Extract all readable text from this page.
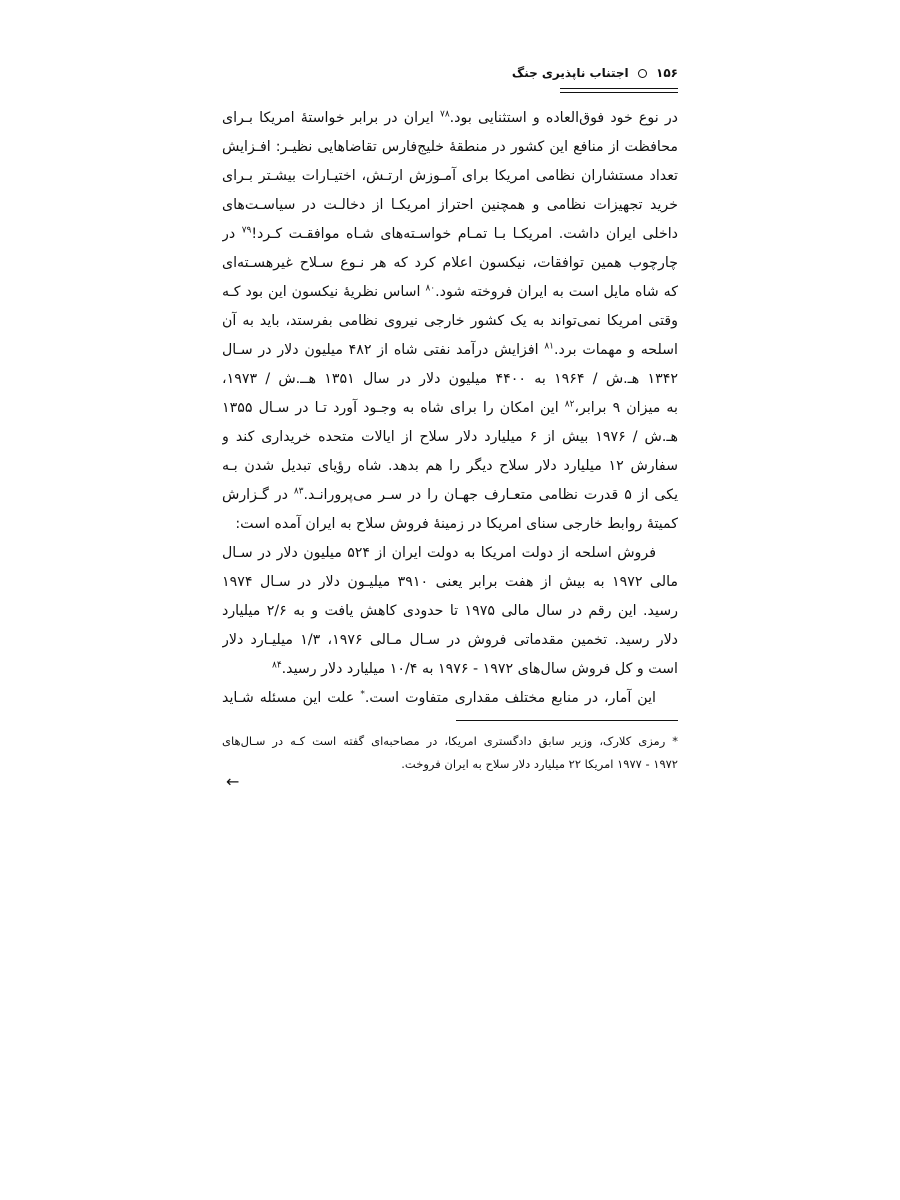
۱۵۶  اجتناب ناپذیری جنگ
در نوع خود فوق‌العاده و استثنایی بود.$^{۷۸}$ ایران در برابر خواستهٔ امریکا بـرای
محافظت از منافع این کشور در منطقهٔ خلیج‌فارس تقاضاهایی نظیـر: افـزایش
تعداد مستشاران نظامی امریکا برای آمـوزش ارتـش، اختیـارات بیشـتر بـرای
خرید تجهیزات نظامی و همچنین احتراز امریکـا از دخالـت در سیاسـت‌های
داخلی ایران داشت. امریکـا بـا تمـام خواسـته‌های شـاه موافقـت کـرد!$^{۷۹}$ در
چارچوب همین توافقات، نیکسون اعلام کرد که هر نـوع سـلاح غیرهسـته‌ای
که شاه مایل است به ایران فروخته شود.$^{۸۰}$ اساس نظریهٔ نیکسون این بود کـه
وقتی امریکا نمی‌تواند به یک کشور خارجی نیروی نظامی بفرستد، باید به آن
اسلحه و مهمات برد.$^{۸۱}$ افزایش درآمد نفتی شاه از ۴۸۲ میلیون دلار در سـال
۱۳۴۲ هـ.ش / ۱۹۶۴ به ۴۴۰۰ میلیون دلار در سال ۱۳۵۱ هــ.ش / ۱۹۷۳،
به میزان ۹ برابر،$^{۸۲}$ این امکان را برای شاه به وجـود آورد تـا در سـال ۱۳۵۵
هـ.ش / ۱۹۷۶ بیش از ۶ میلیارد دلار سلاح از ایالات متحده خریداری کند و
سفارش ۱۲ میلیارد دلار سلاح دیگر را هم بدهد. شاه رؤیای تبدیل شدن بـه
یکی از ۵ قدرت نظامی متعـارف جهـان را در سـر می‌پرورانـد.$^{۸۳}$ در گـزارش
کمیتهٔ روابط خارجی سنای امریکا در زمینهٔ فروش سلاح به ایران آمده است:
فروش اسلحه از دولت امریکا به دولت ایران از ۵۲۴ میلیون دلار در سـال
مالی ۱۹۷۲ به بیش از هفت برابر یعنی ۳۹۱۰ میلیـون دلار در سـال ۱۹۷۴
رسید. این رقم در سال مالی ۱۹۷۵ تا حدودی کاهش یافت و به ۲/۶ میلیارد
دلار رسید. تخمین مقدماتی فروش در سـال مـالی ۱۹۷۶، ۱/۳ میلیـارد دلار
است و کل فروش سال‌های ۱۹۷۲ - ۱۹۷۶ به ۱۰/۴ میلیارد دلار رسید.$^{۸۴}$
این آمار، در منابع مختلف مقداری متفاوت است.* علت این مسئله شـاید
* رمزی کلارک، وزیر سابق دادگستری امریکا، در مصاحبه‌ای گفته است کـه در سـال‌های
۱۹۷۲ - ۱۹۷۷ امریکا ۲۲ میلیارد دلار سلاح به ایران فروخت.
←
